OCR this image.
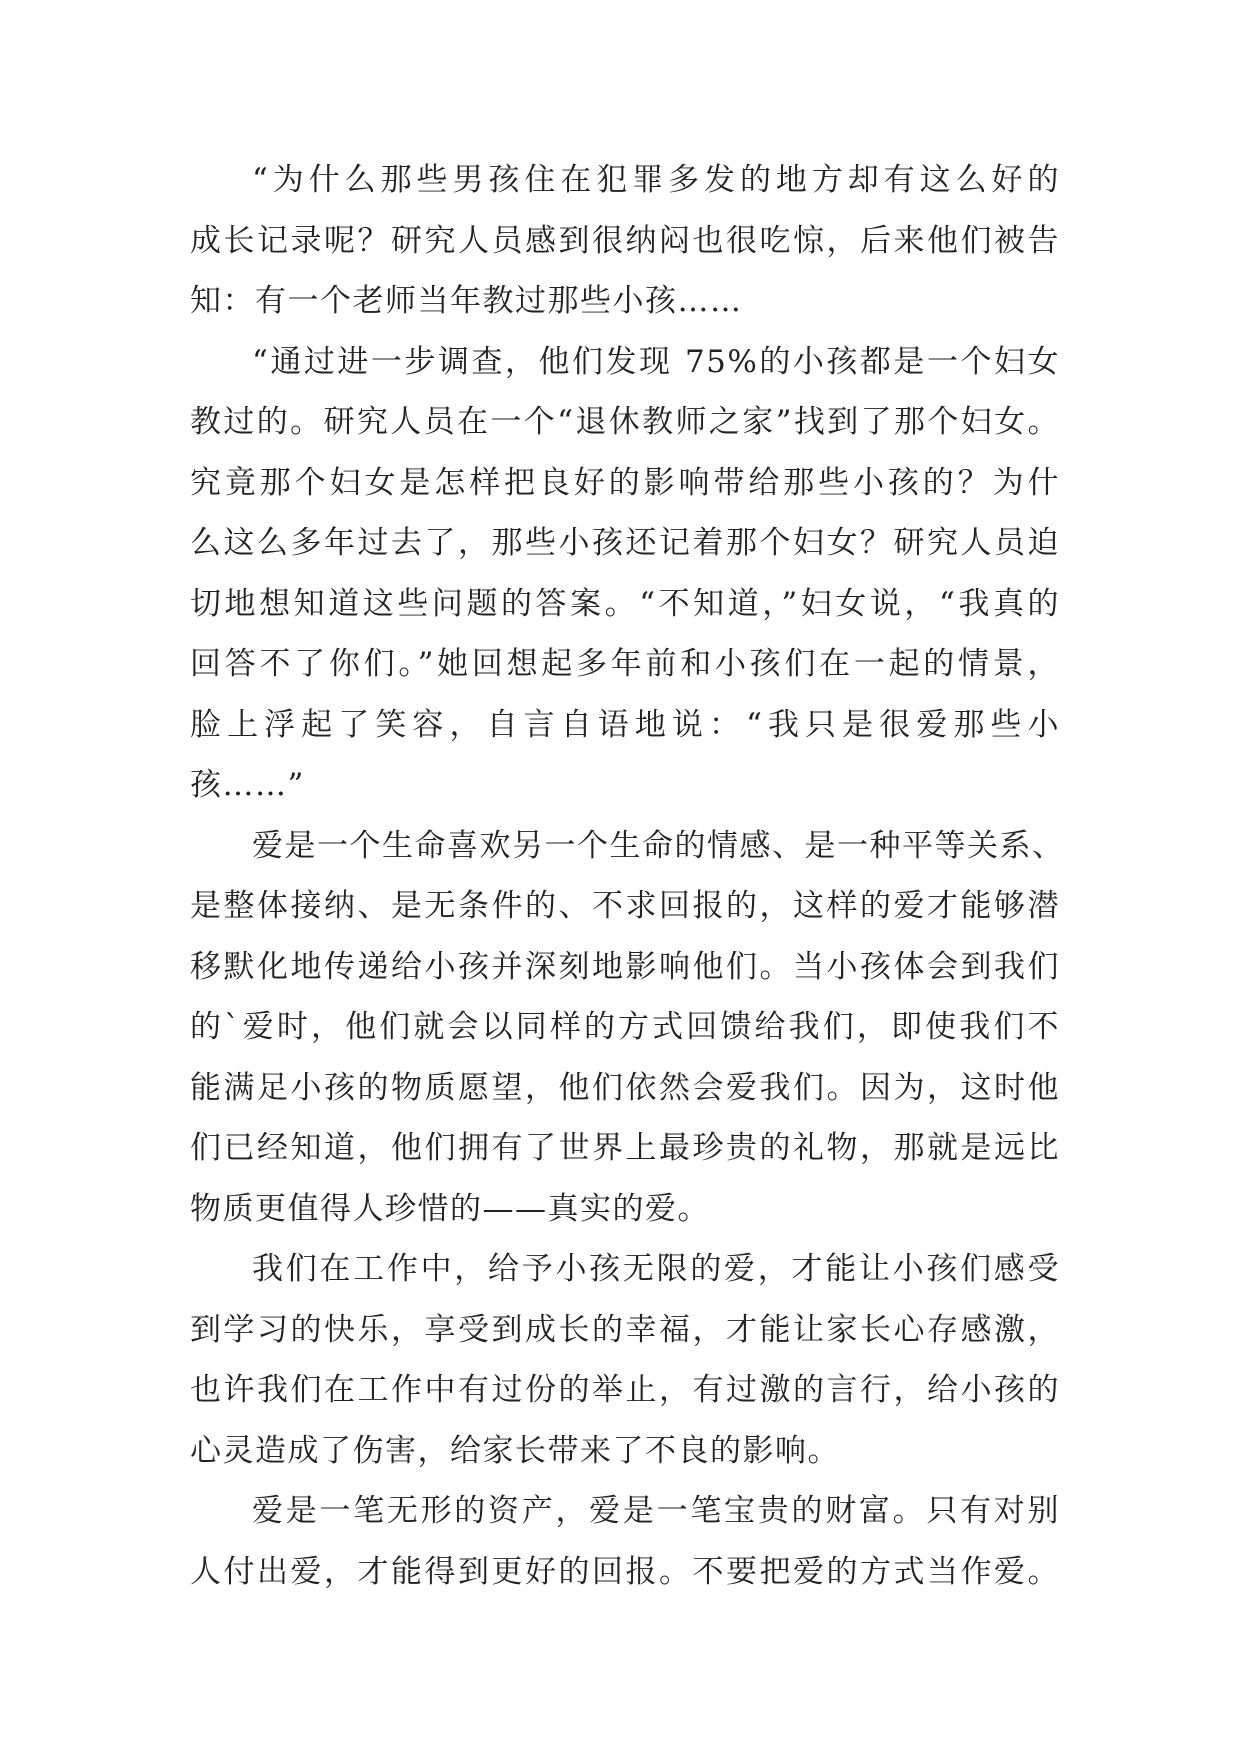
“为什么那些男孩住在犯罪多发的地方却有这么好的
成长记录呢？研究人员感到很纳闷也很吃惊，后来他们被告
知：有一个老师当年教过那些小孩……
“通过进一步调查，他们发现 75%的小孩都是一个妇女
教过的。研究人员在一个“退休教师之家”找到了那个妇女。
究竟那个妇女是怎样把良好的影响带给那些小孩的？为什
么这么多年过去了，那些小孩还记着那个妇女？研究人员迫
切地想知道这些问题的答案。“不知道，”妇女说，“我真的
回答不了你们。”她回想起多年前和小孩们在一起的情景，
脸上浮起了笑容，自言自语地说：“我只是很爱那些小
孩……”
爱是一个生命喜欢另一个生命的情感、是一种平等关系、
是整体接纳、是无条件的、不求回报的，这样的爱才能够潜
移默化地传递给小孩并深刻地影响他们。当小孩体会到我们
的`爱时，他们就会以同样的方式回馈给我们，即使我们不
能满足小孩的物质愿望，他们依然会爱我们。因为，这时他
们已经知道，他们拥有了世界上最珍贵的礼物，那就是远比
物质更值得人珍惜的——真实的爱。
我们在工作中，给予小孩无限的爱，才能让小孩们感受
到学习的快乐，享受到成长的幸福，才能让家长心存感激，
也许我们在工作中有过份的举止，有过激的言行，给小孩的
心灵造成了伤害，给家长带来了不良的影响。
爱是一笔无形的资产，爱是一笔宝贵的财富。只有对别
人付出爱，才能得到更好的回报。不要把爱的方式当作爱。
